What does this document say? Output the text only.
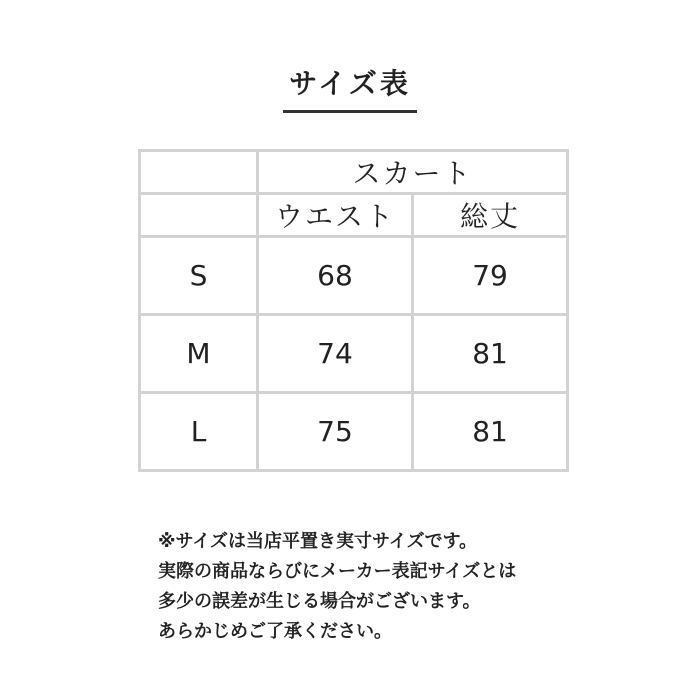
サイズ表
	スカート	
	ウエスト	総丈
S	68	79
M	74	81
L	75	81
※サイズは当店平置き実寸サイズです。
実際の商品ならびにメーカー表記サイズとは
多少の誤差が生じる場合がございます。
あらかじめご了承ください。
